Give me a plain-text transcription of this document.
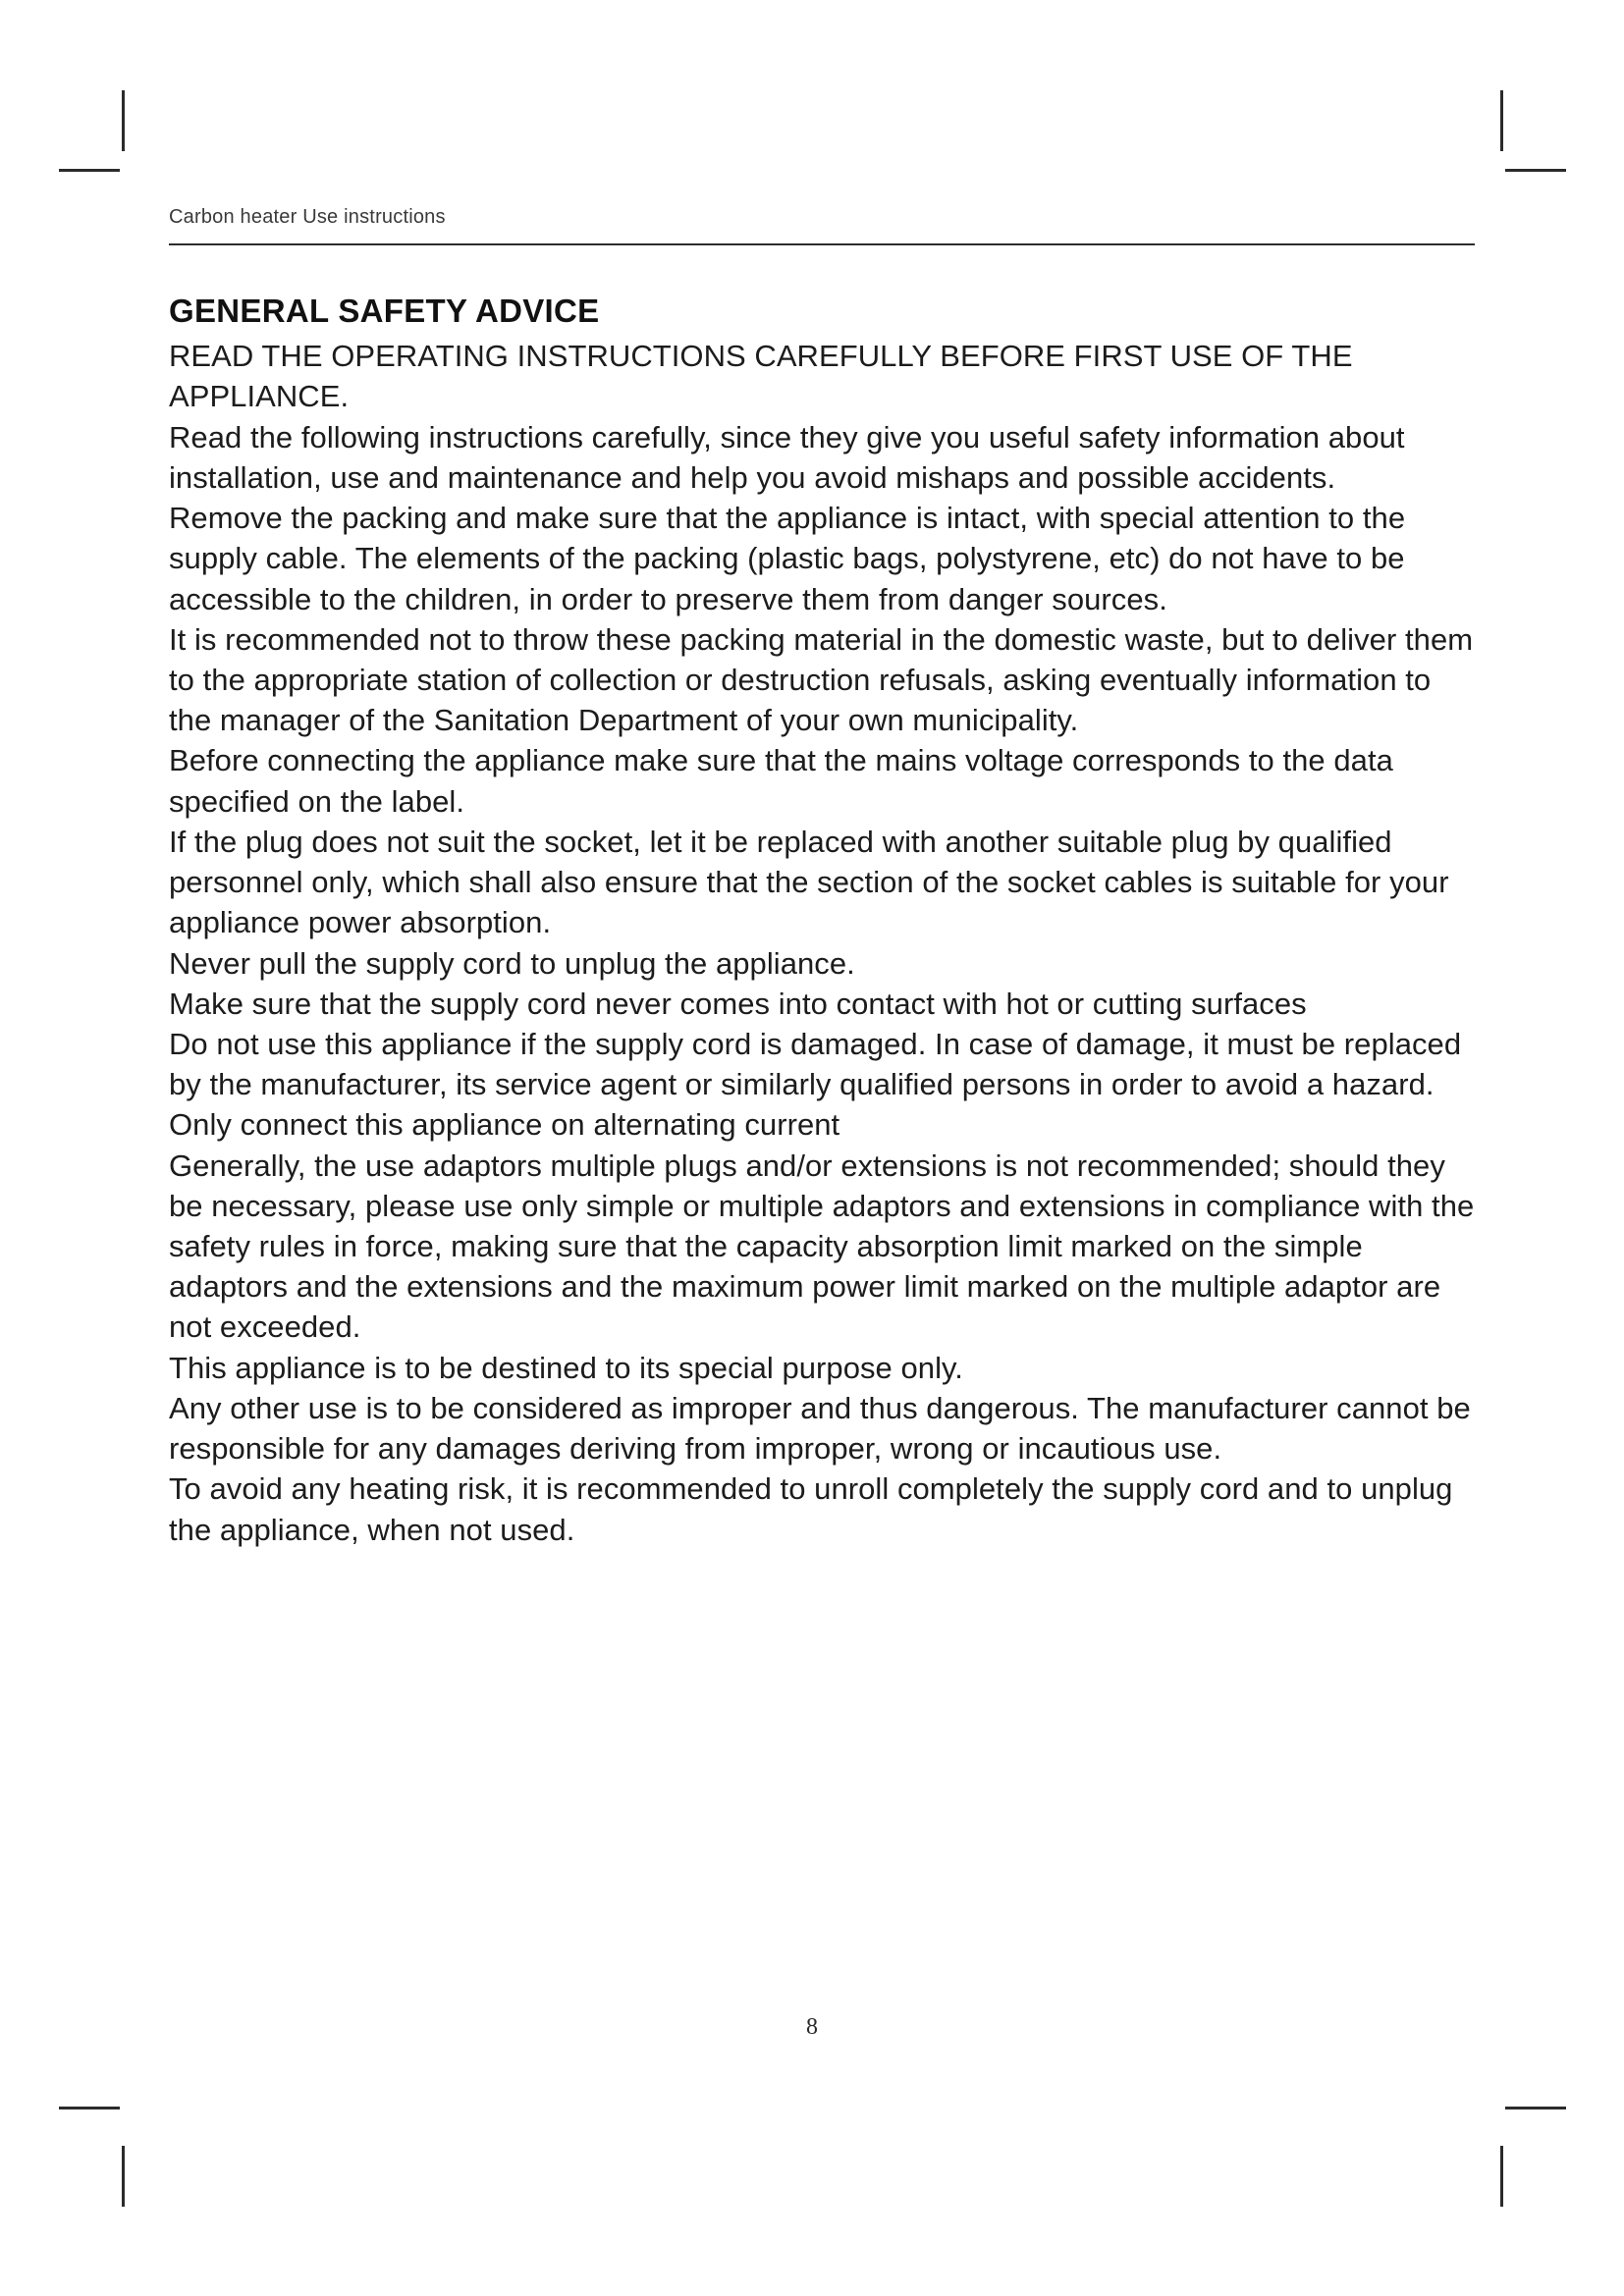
Carbon heater Use instructions
GENERAL SAFETY ADVICE

READ THE OPERATING INSTRUCTIONS CAREFULLY BEFORE FIRST USE OF THE APPLIANCE.

Read the following instructions carefully, since they give you useful safety information about installation, use and maintenance and help you avoid mishaps and possible accidents.

Remove the packing and make sure that the appliance is intact, with special attention to the supply cable. The elements of the packing (plastic bags, polystyrene, etc) do not have to be accessible to the children, in order to preserve them from danger sources.

It is recommended not to throw these packing material in the domestic waste, but to deliver them to the appropriate station of collection or destruction refusals, asking eventually information to the manager of the Sanitation Department of your own municipality.

Before connecting the appliance make sure that the mains voltage corresponds to the data specified on the label.

If the plug does not suit the socket, let it be replaced with another suitable plug by qualified personnel only, which shall also ensure that the section of the socket cables is suitable for your appliance power absorption.

Never pull the supply cord to unplug the appliance.

Make sure that the supply cord never comes into contact with hot or cutting surfaces

Do not use this appliance if the supply cord is damaged. In case of damage, it must be replaced by the manufacturer, its service agent or similarly qualified persons in order to avoid a hazard.

Only connect this appliance on alternating current

Generally, the use adaptors multiple plugs and/or extensions is not recommended; should they be necessary, please use only simple or multiple adaptors and extensions in compliance with the safety rules in force, making sure that the capacity absorption limit marked on the simple adaptors and the extensions and the maximum power limit marked on the multiple adaptor are not exceeded.

This appliance is to be destined to its special purpose only.

Any other use is to be considered as improper and thus dangerous. The manufacturer cannot be responsible for any damages deriving from improper, wrong or incautious use.

To avoid any heating risk, it is recommended to unroll completely the supply cord and to unplug the appliance, when not used.

8
